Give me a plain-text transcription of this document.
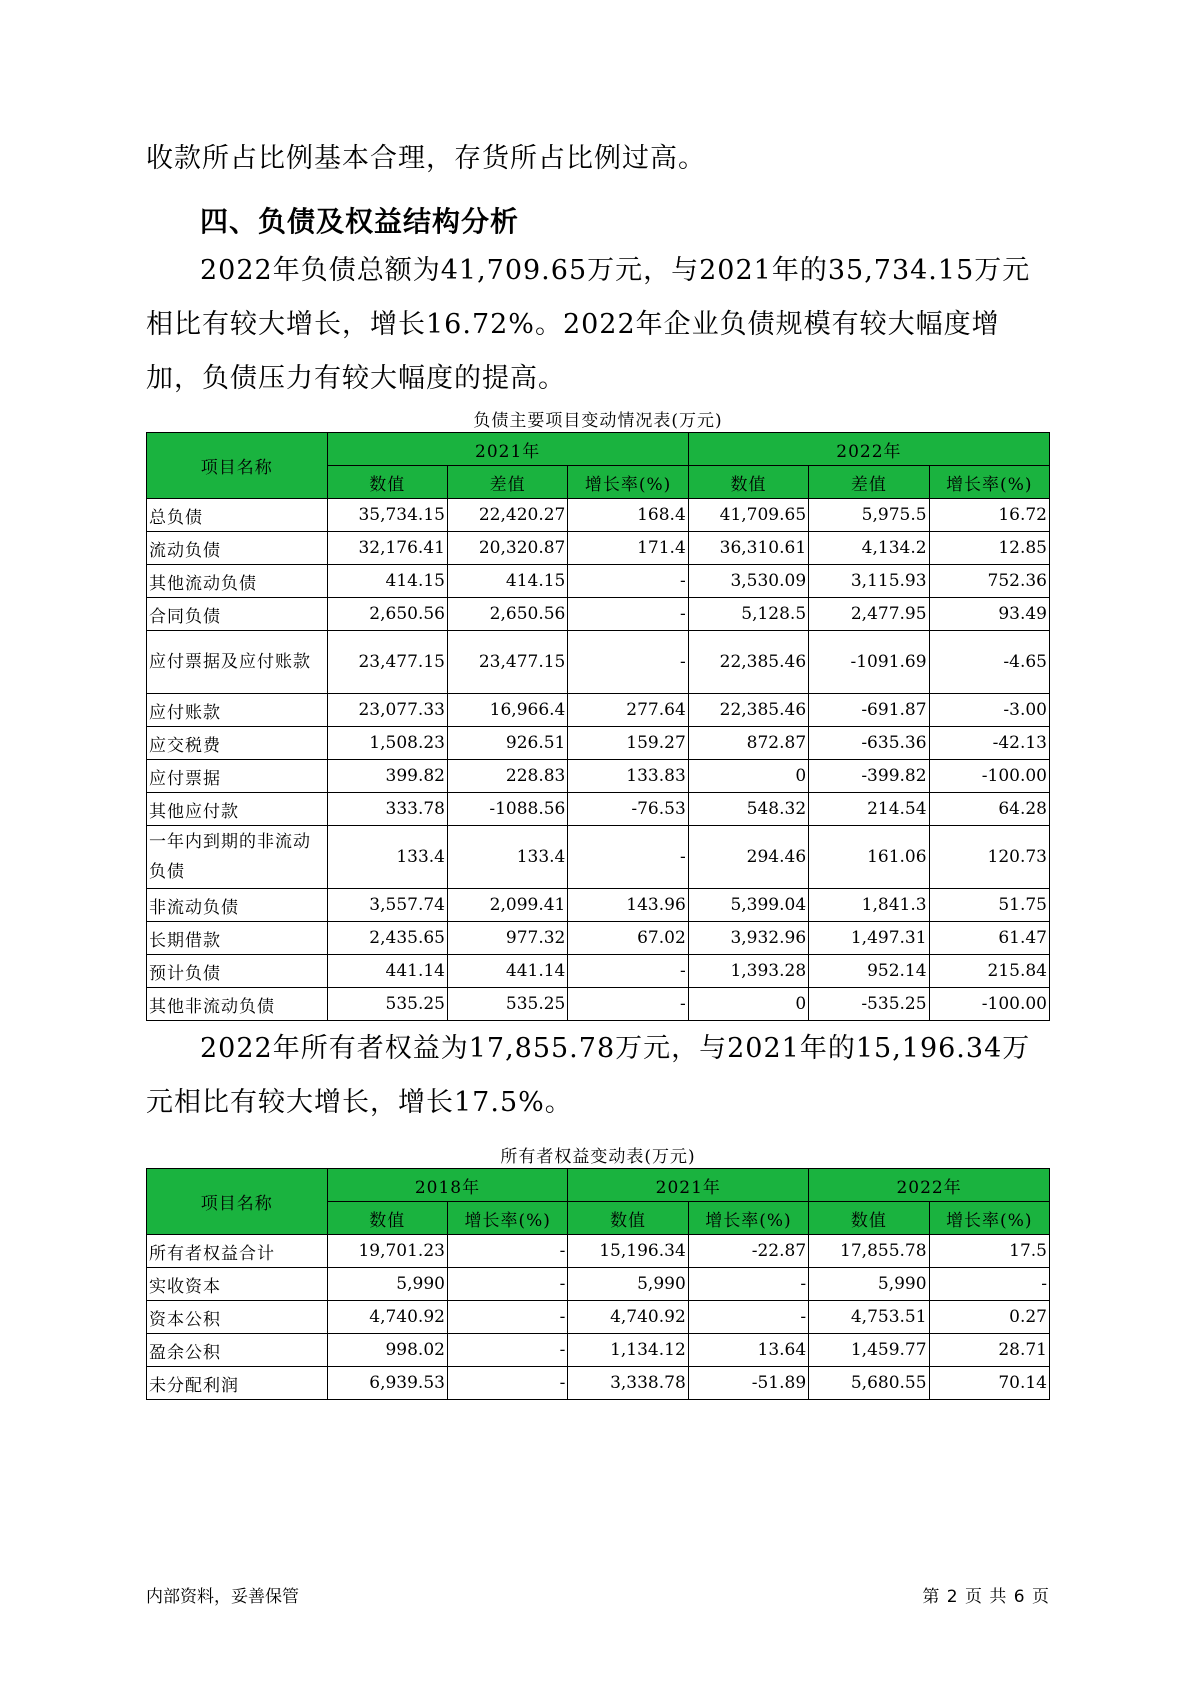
收款所占比例基本合理，存货所占比例过高。
四、负债及权益结构分析
2022年负债总额为41,709.65万元，与2021年的35,734.15万元相比有较大增长，增长16.72%。2022年企业负债规模有较大幅度增加，负债压力有较大幅度的提高。
负债主要项目变动情况表(万元)
项目名称	2021年			2022年		
	数值	差值	增长率(%)	数值	差值	增长率(%)
总负债	35,734.15	22,420.27	168.4	41,709.65	5,975.5	16.72
流动负债	32,176.41	20,320.87	171.4	36,310.61	4,134.2	12.85
其他流动负债	414.15	414.15	-	3,530.09	3,115.93	752.36
合同负债	2,650.56	2,650.56	-	5,128.5	2,477.95	93.49
应付票据及应付账款	23,477.15	23,477.15	-	22,385.46	-1091.69	-4.65
应付账款	23,077.33	16,966.4	277.64	22,385.46	-691.87	-3.00
应交税费	1,508.23	926.51	159.27	872.87	-635.36	-42.13
应付票据	399.82	228.83	133.83	0	-399.82	-100.00
其他应付款	333.78	-1088.56	-76.53	548.32	214.54	64.28
一年内到期的非流动负债	133.4	133.4	-	294.46	161.06	120.73
非流动负债	3,557.74	2,099.41	143.96	5,399.04	1,841.3	51.75
长期借款	2,435.65	977.32	67.02	3,932.96	1,497.31	61.47
预计负债	441.14	441.14	-	1,393.28	952.14	215.84
其他非流动负债	535.25	535.25	-	0	-535.25	-100.00
2022年所有者权益为17,855.78万元，与2021年的15,196.34万元相比有较大增长，增长17.5%。
所有者权益变动表(万元)
项目名称	2018年		2021年		2022年	
	数值	增长率(%)	数值	增长率(%)	数值	增长率(%)
所有者权益合计	19,701.23	-	15,196.34	-22.87	17,855.78	17.5
实收资本	5,990	-	5,990	-	5,990	-
资本公积	4,740.92	-	4,740.92	-	4,753.51	0.27
盈余公积	998.02	-	1,134.12	13.64	1,459.77	28.71
未分配利润	6,939.53	-	3,338.78	-51.89	5,680.55	70.14
内部资料，妥善保管	第 2 页 共 6 页
